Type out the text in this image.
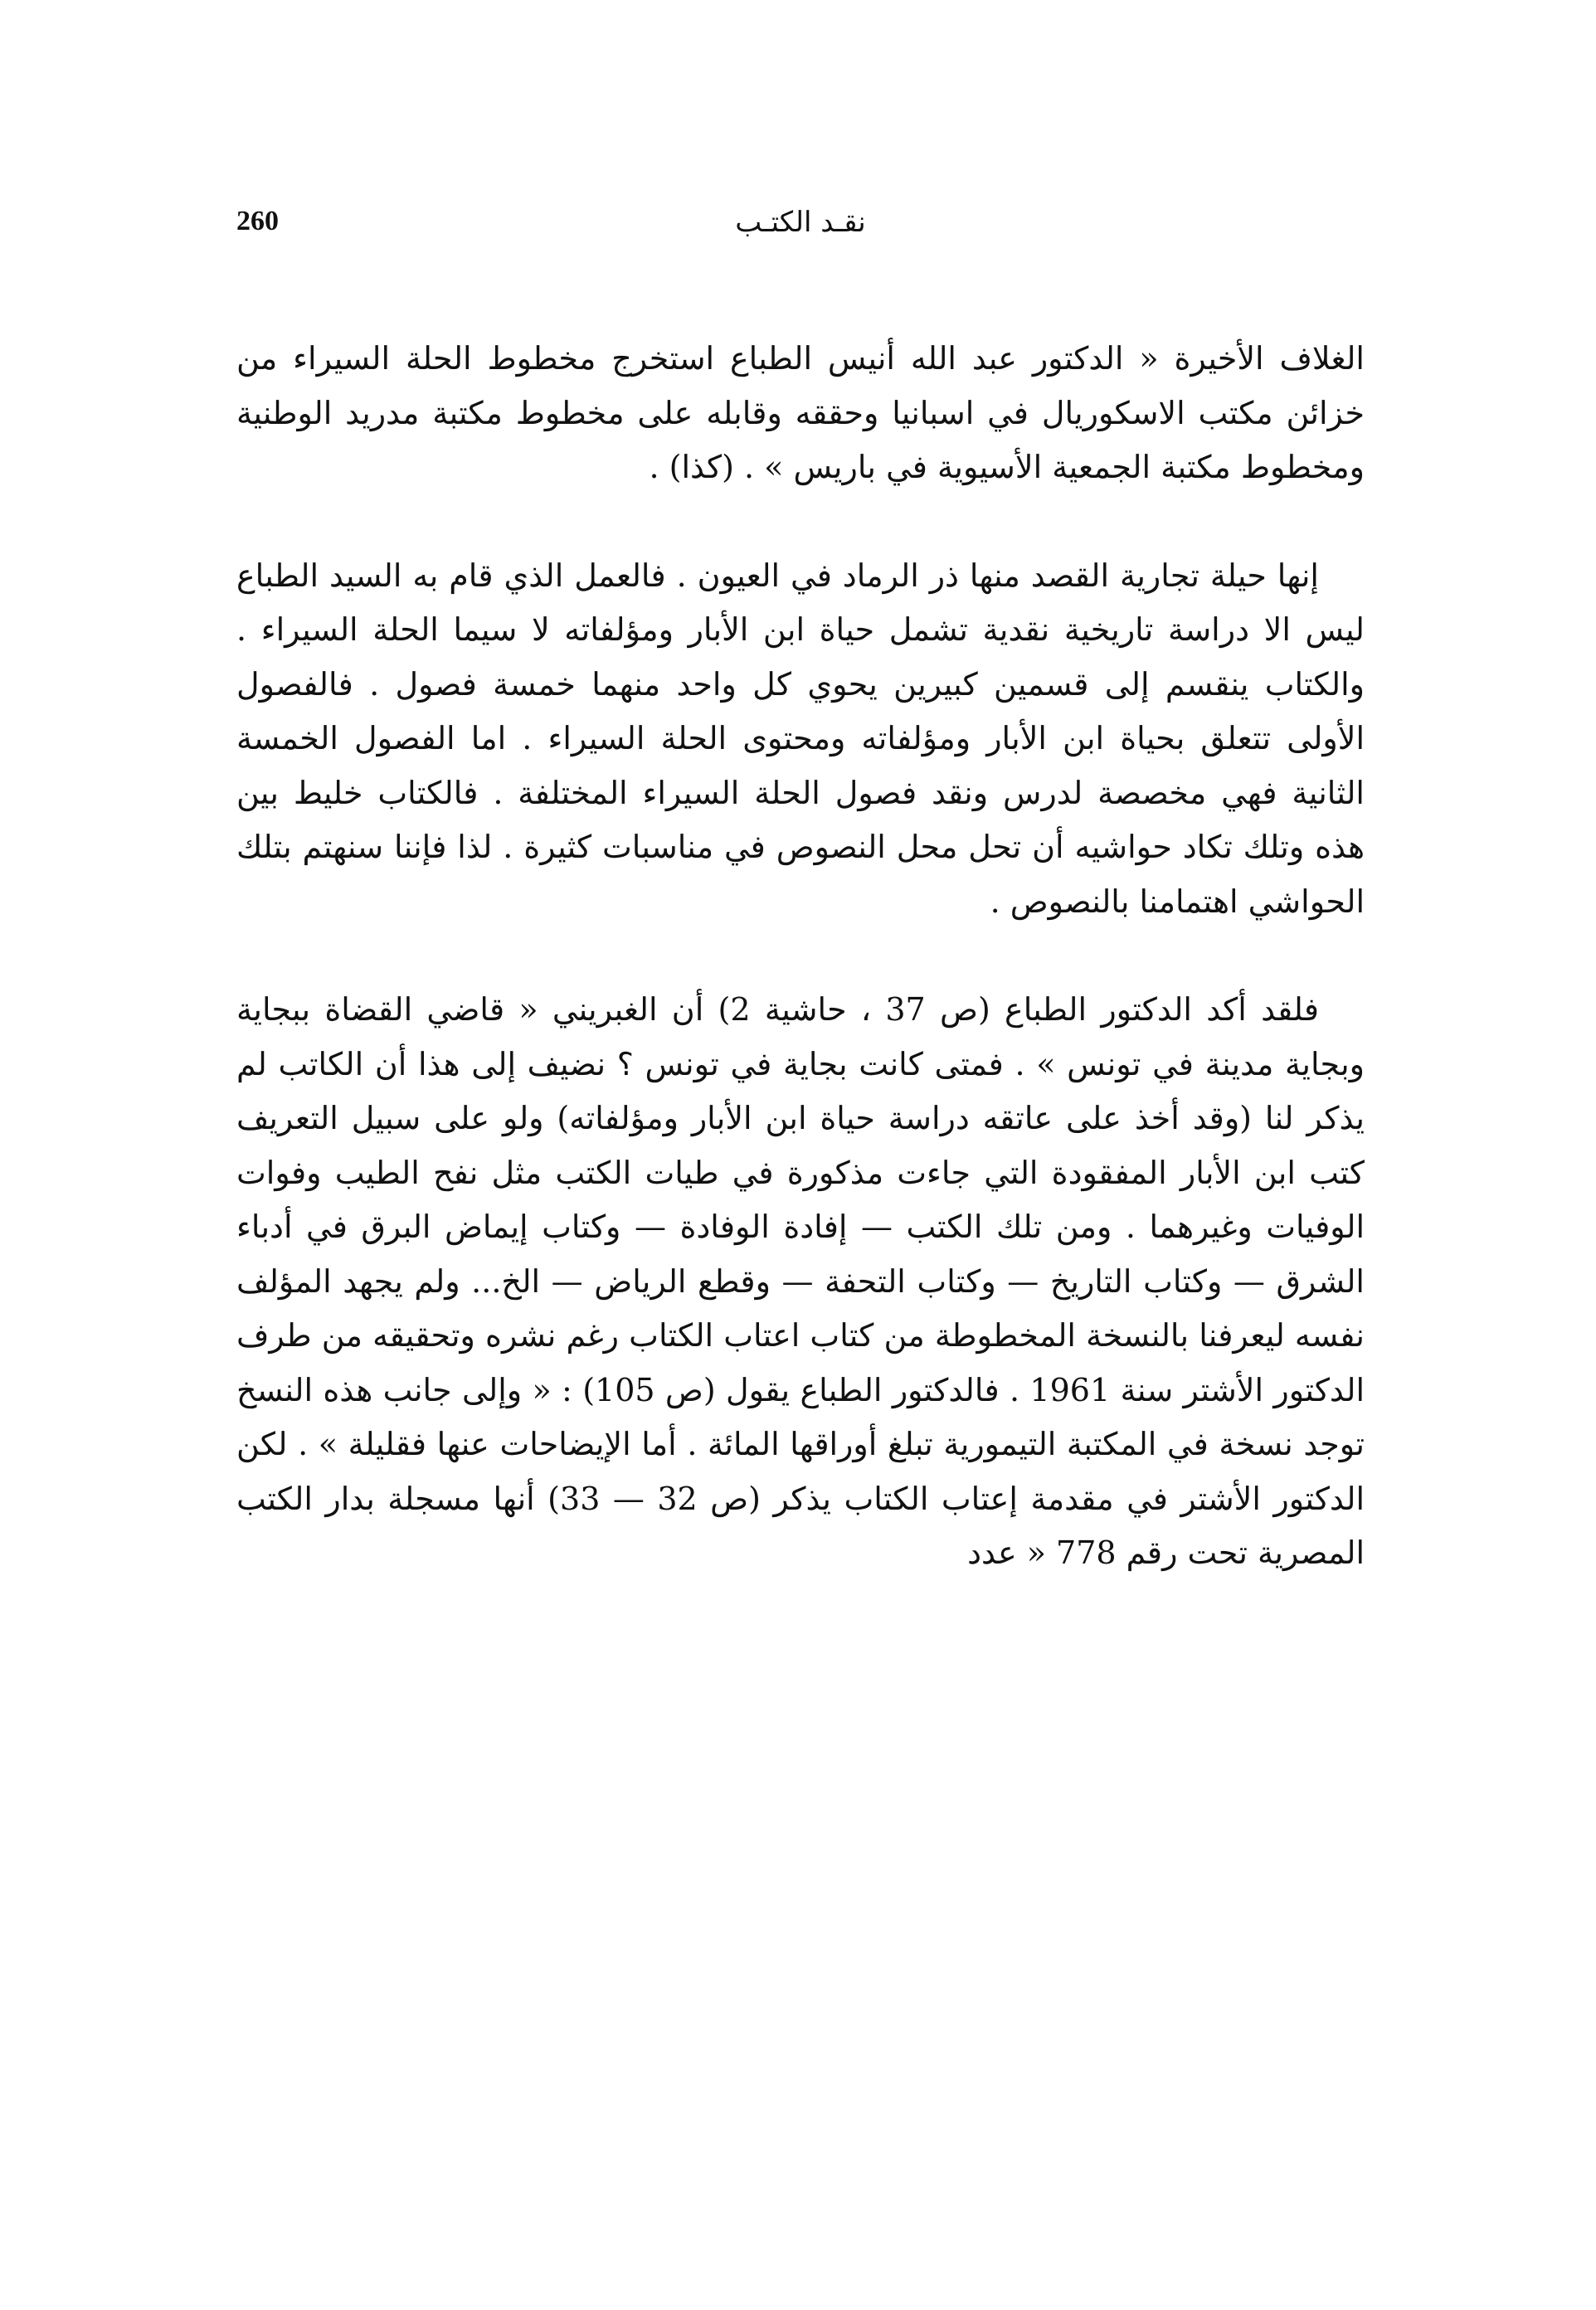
260	نقـد الكتـب

الغلاف الأخيرة « الدكتور عبد الله أنيس الطباع استخرج مخطوط الحلة السيراء من خزائن مكتب الاسكوريال في اسبانيا وحققه وقابله على مخطوط مكتبة مدريد الوطنية ومخطوط مكتبة الجمعية الأسيوية في باريس » . (كذا) .

إنها حيلة تجارية القصد منها ذر الرماد في العيون . فالعمل الذي قام به السيد الطباع ليس الا دراسة تاريخية نقدية تشمل حياة ابن الأبار ومؤلفاته لا سيما الحلة السيراء . والكتاب ينقسم إلى قسمين كبيرين يحوي كل واحد منهما خمسة فصول . فالفصول الأولى تتعلق بحياة ابن الأبار ومؤلفاته ومحتوى الحلة السيراء . اما الفصول الخمسة الثانية فهي مخصصة لدرس ونقد فصول الحلة السيراء المختلفة . فالكتاب خليط بين هذه وتلك تكاد حواشيه أن تحل محل النصوص في مناسبات كثيرة . لذا فإننا سنهتم بتلك الحواشي اهتمامنا بالنصوص .

فلقد أكد الدكتور الطباع (ص 37 ، حاشية 2) أن الغبريني « قاضي القضاة ببجاية وبجاية مدينة في تونس » . فمتى كانت بجاية في تونس ؟ نضيف إلى هذا أن الكاتب لم يذكر لنا (وقد أخذ على عاتقه دراسة حياة ابن الأبار ومؤلفاته) ولو على سبيل التعريف كتب ابن الأبار المفقودة التي جاءت مذكورة في طيات الكتب مثل نفح الطيب وفوات الوفيات وغيرهما . ومن تلك الكتب — إفادة الوفادة — وكتاب إيماض البرق في أدباء الشرق — وكتاب التاريخ — وكتاب التحفة — وقطع الرياض — الخ... ولم يجهد المؤلف نفسه ليعرفنا بالنسخة المخطوطة من كتاب اعتاب الكتاب رغم نشره وتحقيقه من طرف الدكتور الأشتر سنة 1961 . فالدكتور الطباع يقول (ص 105) : « وإلى جانب هذه النسخ توجد نسخة في المكتبة التيمورية تبلغ أوراقها المائة . أما الإيضاحات عنها فقليلة » . لكن الدكتور الأشتر في مقدمة إعتاب الكتاب يذكر (ص 32 — 33) أنها مسجلة بدار الكتب المصرية تحت رقم 778 « عدد
